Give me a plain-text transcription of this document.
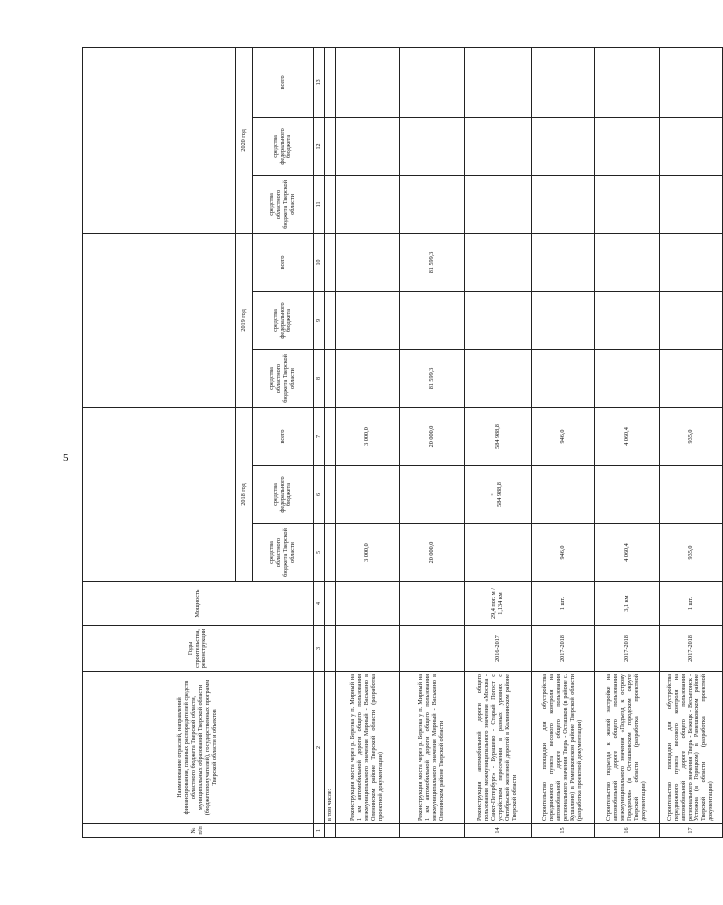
5
№ п/п	Наименование отраслей, направлений финансирования, главных распорядителей средств областного бюджета Тверской области, муниципальных образований Тверской области (бюджетополучателей), государственных программ Тверской области и объектов	Годы строительства, реконструкции	Мощность									
				2018 год			2019 год			2020 год		
				средства областного бюджета Тверской области	средства федерального бюджета	всего	средства областного бюджета Тверской области	средства федерального бюджета	всего	средства областного бюджета Тверской области	средства федерального бюджета	всего
1	2	3	4	5	6	7	8	9	10	11	12	13
	в том числе:											
	Реконструкция моста через р. Березка у п. Мирный на 1 км автомобильной дороги общего пользования межмуниципального значения Мирный - Васькино в Оленинском районе Тверской области (разработка проектной документации)			3 000,0		3 000,0						
	Реконструкция моста через р. Березка у п. Мирный на 1 км автомобильной дороги общего пользования межмуниципального значения Мирный - Васькино в Оленинском районе Тверской области			20 000,0		20 000,0	81 599,3		81 599,3			
14	Реконструкция автомобильной дороги общего пользования межмуниципального значения «Москва - Санкт-Петербург» - Бурашево - Старый Погост с устройством пересечения в разных уровнях с Октябрьской железной дорогой в Калининском районе Тверской области	2016-2017	29,4 пог. м / 1,134 км		° 584 988,8	584 988,8						
15	Строительство площадки для обустройства передвижного пункта весового контроля на автомобильной дороге общего пользования регионального значения Тверь - Осташков (в районе с. Кушалино) в Рамешковском районе Тверской области (разработка проектной документации)	2017-2018	1 шт.	946,0		946,0						
16	Строительство подъезда к жилой застройке на автомобильной дороге общего пользования межмуниципального значения «Подъезд к острову Городомля» (в Осташковском городском округе Тверской области (разработка проектной документации)	2017-2018	3,1 км	4 060,4		4 060,4						
17	Строительство площадки для обустройства передвижного пункта весового контроля на автомобильной дороге общего пользования регионального значения Тверь - Бежецк - Весьегонск - Устюжна (в Горицком) в Рамешковском районе Тверской области (разработка проектной документации)	2017-2018	1 шт.	935,0		935,0						
